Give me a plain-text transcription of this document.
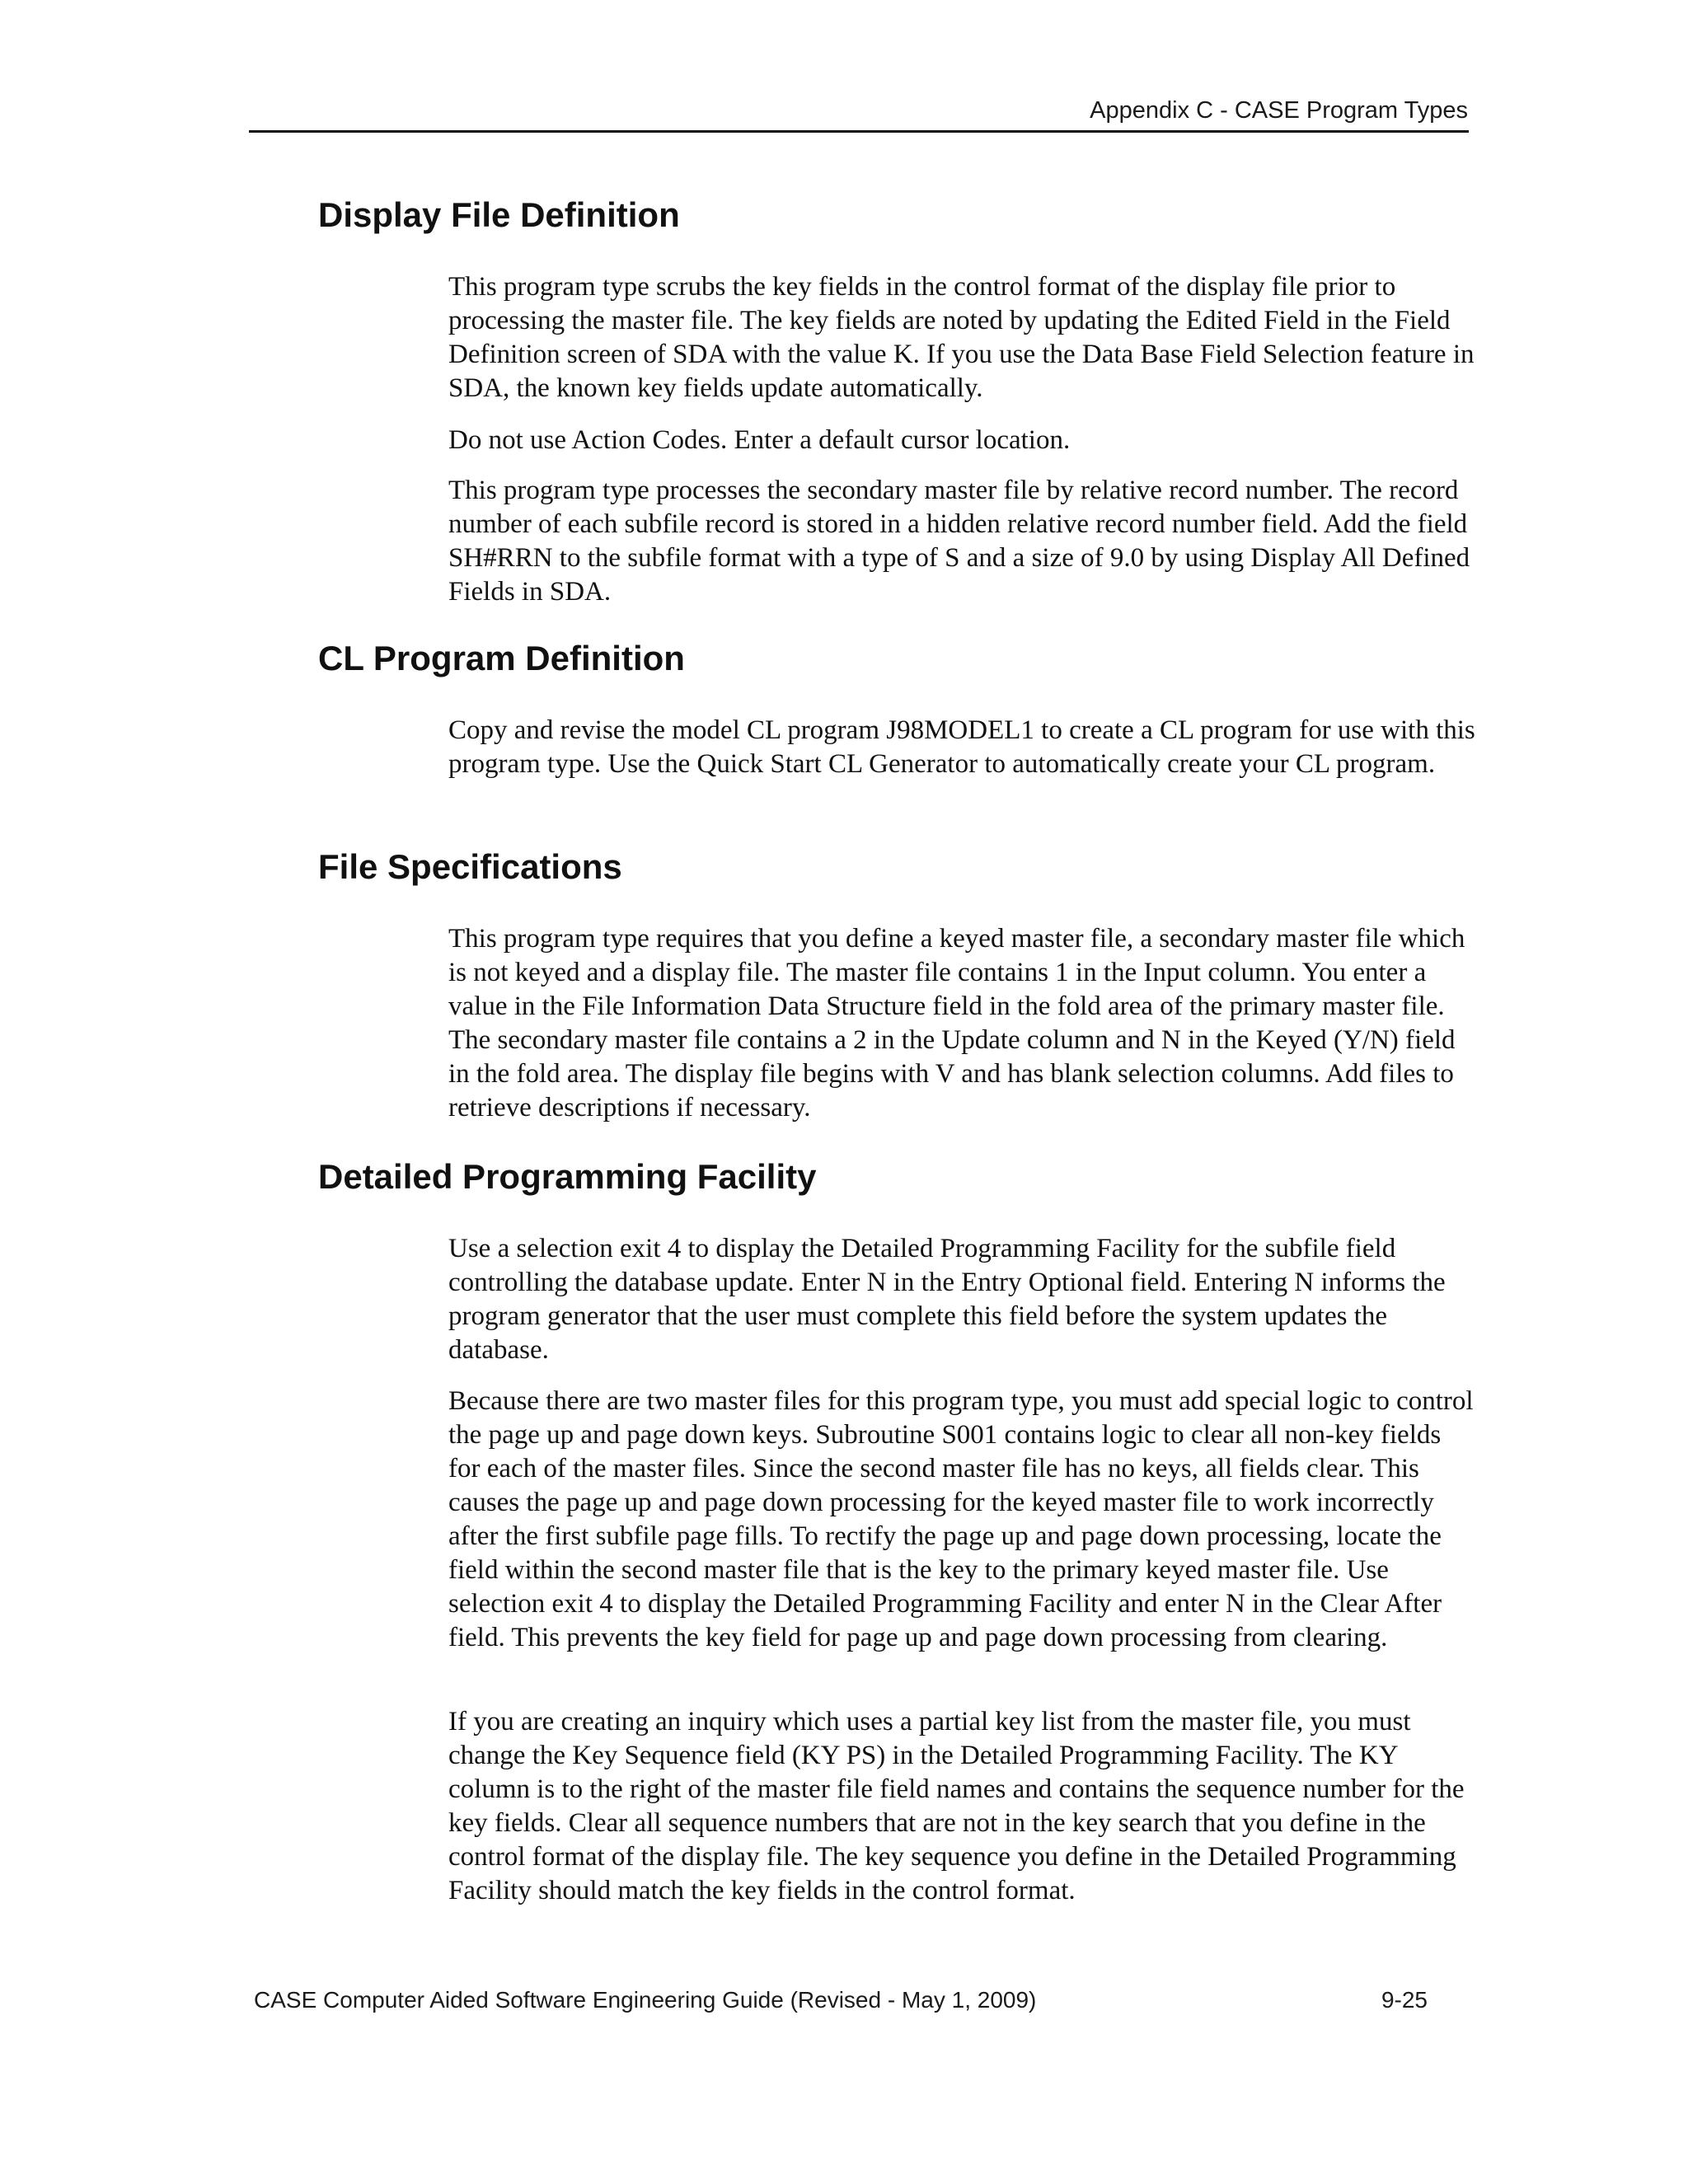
Appendix C - CASE Program Types
Display File Definition

This program type scrubs the key fields in the control format of the display file prior to processing the master file. The key fields are noted by updating the Edited Field in the Field Definition screen of SDA with the value K. If you use the Data Base Field Selection feature in SDA, the known key fields update automatically.

Do not use Action Codes. Enter a default cursor location.

This program type processes the secondary master file by relative record number. The record number of each subfile record is stored in a hidden relative record number field. Add the field SH#RRN to the subfile format with a type of S and a size of 9.0 by using Display All Defined Fields in SDA.

CL Program Definition

Copy and revise the model CL program J98MODEL1 to create a CL program for use with this program type. Use the Quick Start CL Generator to automatically create your CL program.

File Specifications

This program type requires that you define a keyed master file, a secondary master file which is not keyed and a display file. The master file contains 1 in the Input column. You enter a value in the File Information Data Structure field in the fold area of the primary master file. The secondary master file contains a 2 in the Update column and N in the Keyed (Y/N) field in the fold area. The display file begins with V and has blank selection columns. Add files to retrieve descriptions if necessary.

Detailed Programming Facility

Use a selection exit 4 to display the Detailed Programming Facility for the subfile field controlling the database update. Enter N in the Entry Optional field. Entering N informs the program generator that the user must complete this field before the system updates the database.

Because there are two master files for this program type, you must add special logic to control the page up and page down keys. Subroutine S001 contains logic to clear all non-key fields for each of the master files. Since the second master file has no keys, all fields clear. This causes the page up and page down processing for the keyed master file to work incorrectly after the first subfile page fills. To rectify the page up and page down processing, locate the field within the second master file that is the key to the primary keyed master file. Use selection exit 4 to display the Detailed Programming Facility and enter N in the Clear After field. This prevents the key field for page up and page down processing from clearing.

If you are creating an inquiry which uses a partial key list from the master file, you must change the Key Sequence field (KY PS) in the Detailed Programming Facility. The KY column is to the right of the master file field names and contains the sequence number for the key fields. Clear all sequence numbers that are not in the key search that you define in the control format of the display file. The key sequence you define in the Detailed Programming Facility should match the key fields in the control format.

CASE Computer Aided Software Engineering Guide (Revised - May 1, 2009)	9-25
